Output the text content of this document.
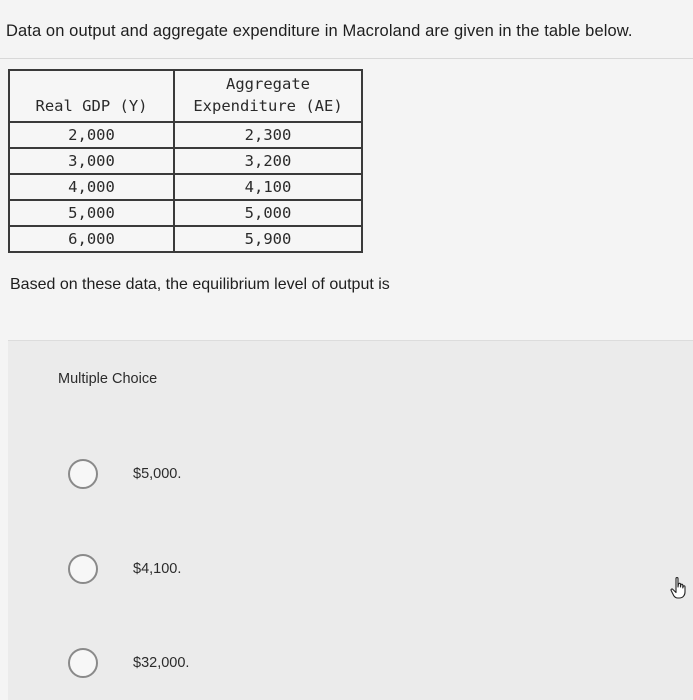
Data on output and aggregate expenditure in Macroland are given in the table below.
Real GDP (Y)	Aggregate
Expenditure (AE)
2,000	2,300
3,000	3,200
4,000	4,100
5,000	5,000
6,000	5,900
Based on these data, the equilibrium level of output is
Multiple Choice
$5,000.
$4,100.
$32,000.
